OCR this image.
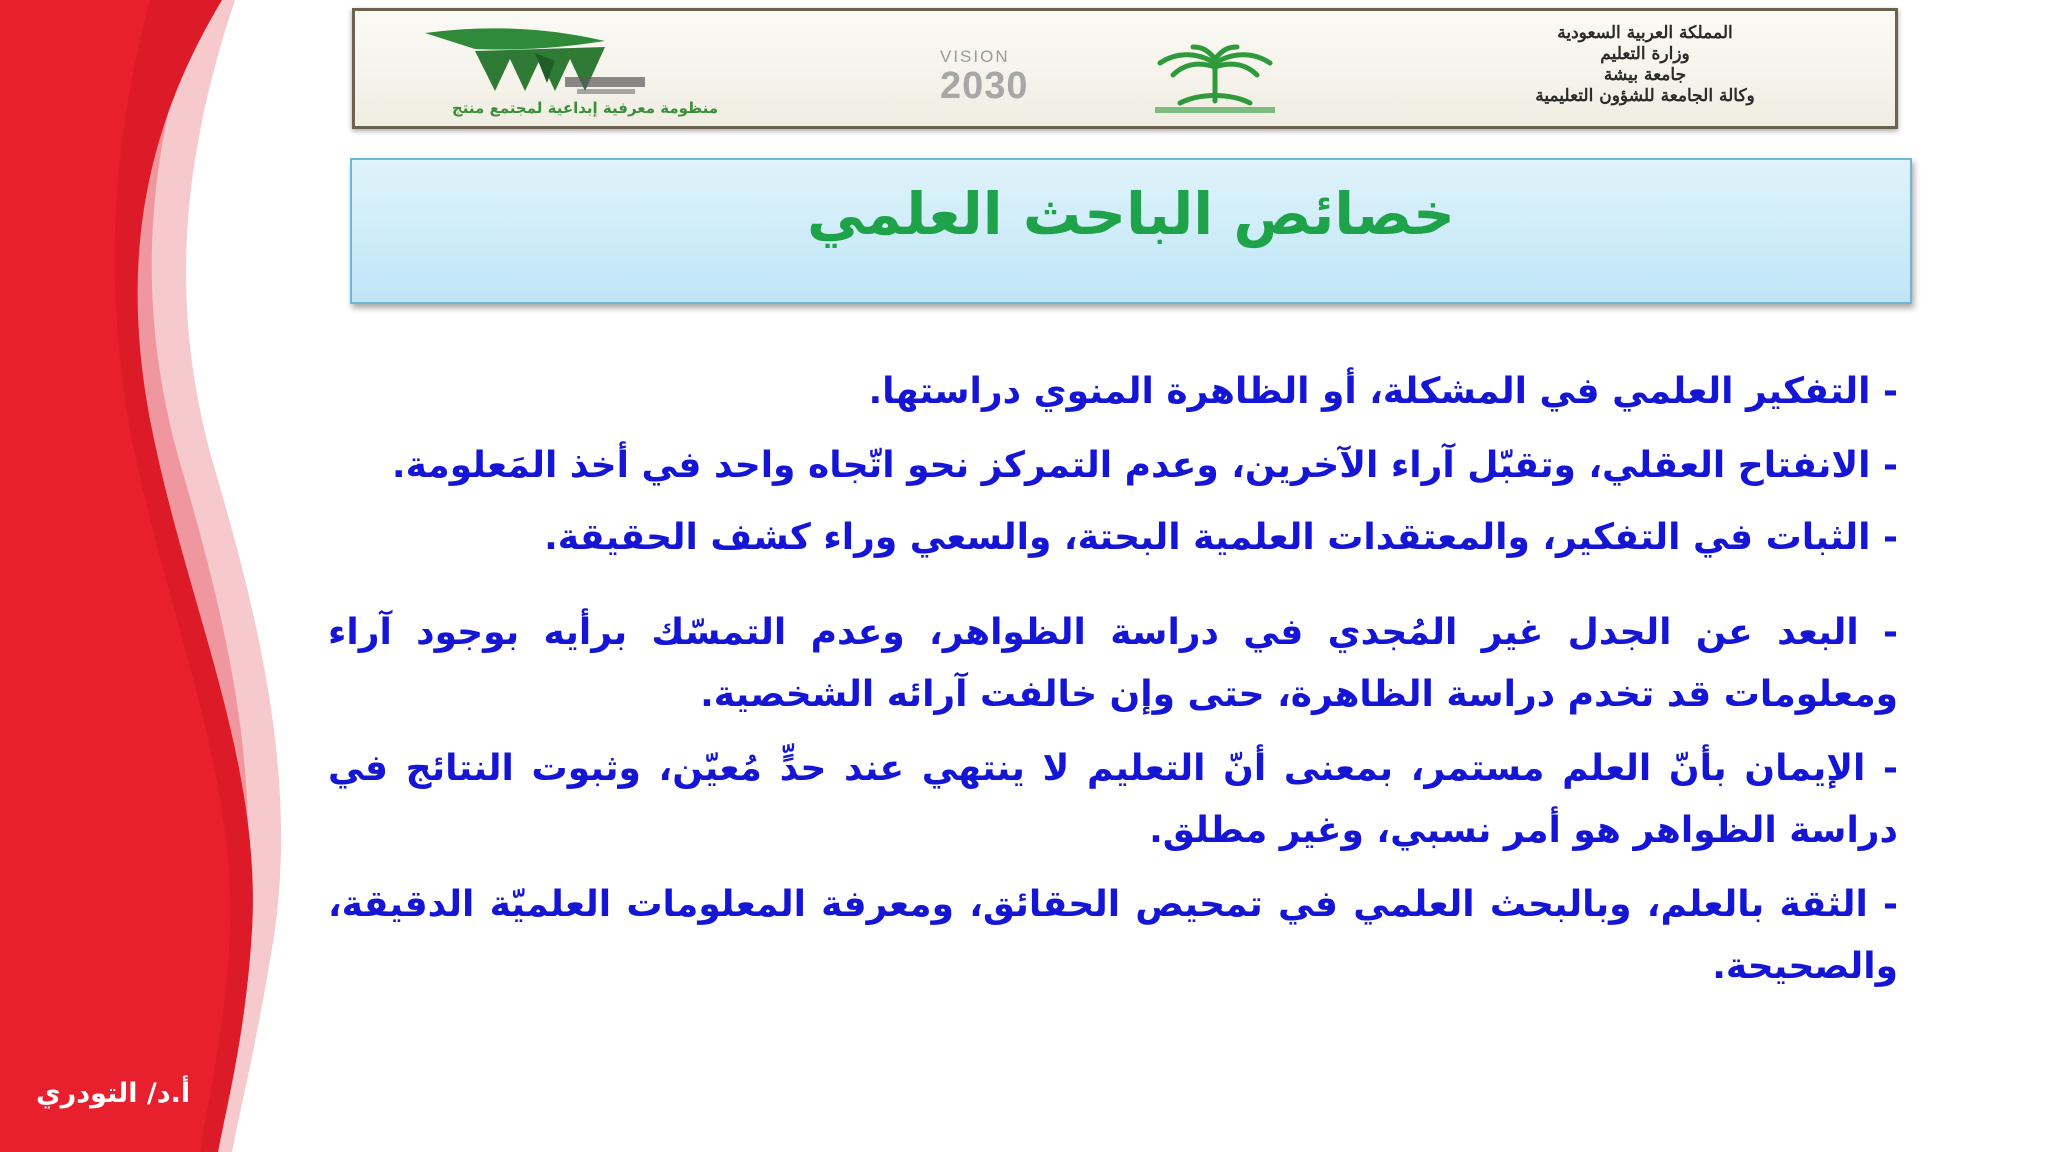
منظومة معرفية إبداعية لمجتمع منتج
VISION
2030
المملكة العربية السعودية
وزارة التعليم
جامعة بيشة
وكالة الجامعة للشؤون التعليمية
خصائص الباحث العلمي
- التفكير العلمي في المشكلة، أو الظاهرة المنوي دراستها.
- الانفتاح العقلي، وتقبّل آراء الآخرين، وعدم التمركز نحو اتّجاه واحد في أخذ المَعلومة.
- الثبات في التفكير، والمعتقدات العلمية البحتة، والسعي وراء كشف الحقيقة.
- البعد عن الجدل غير المُجدي في دراسة الظواهر، وعدم التمسّك برأيه بوجود آراء ومعلومات قد تخدم دراسة الظاهرة، حتى وإن خالفت آرائه الشخصية.
- الإيمان بأنّ العلم مستمر، بمعنى أنّ التعليم لا ينتهي عند حدٍّ مُعيّن، وثبوت النتائج في دراسة الظواهر هو أمر نسبي، وغير مطلق.
- الثقة بالعلم، وبالبحث العلمي في تمحيص الحقائق، ومعرفة المعلومات العلميّة الدقيقة، والصحيحة.
أ.د/ التودري
